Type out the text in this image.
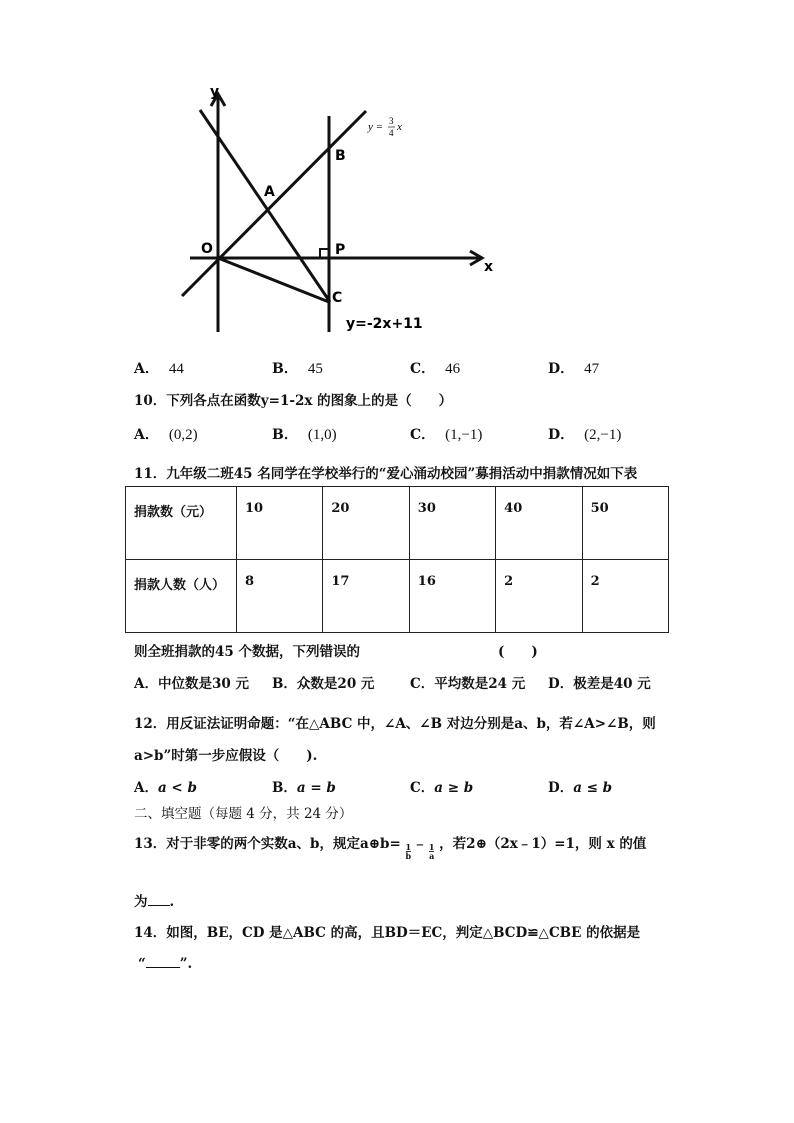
y
x
O
A
B
P
C
y=-2x+11
y = 3
4 x
A． 44	B． 45	C． 46	D． 47
10．下列各点在函数y=1-2x 的图象上的是（　　）
A． (0,2)	B． (1,0)	C． (1,−1)	D． (2,−1)
11．九年级二班45 名同学在学校举行的“爱心涌动校园”募捐活动中捐款情况如下表
捐款数（元）	10	20	30	40	50
捐款人数（人）	8	17	16	2	2
则全班捐款的45 个数据，下列错误的	(　　)
A．中位数是30 元 B．众数是20 元	C．平均数是24 元 D．极差是40 元
12．用反证法证明命题：“在△ABC 中，∠A、∠B 对边分别是a、b，若∠A>∠B，则
a>b”时第一步应假设（　　).
A．a < b	B．a = b	C．a ≥ b	D．a ≤ b
二、填空题（每题 4 分，共 24 分）
13．对于非零的两个实数a、b，规定a⊕b= $\frac{1}{b} - \frac{1}{a}$ ，若2⊕（2x﹣1）=1，则 x 的值
为 .
14．如图，BE，CD 是△ABC 的高，且BD＝EC，判定△BCD≌△CBE 的依据是
“	”.
